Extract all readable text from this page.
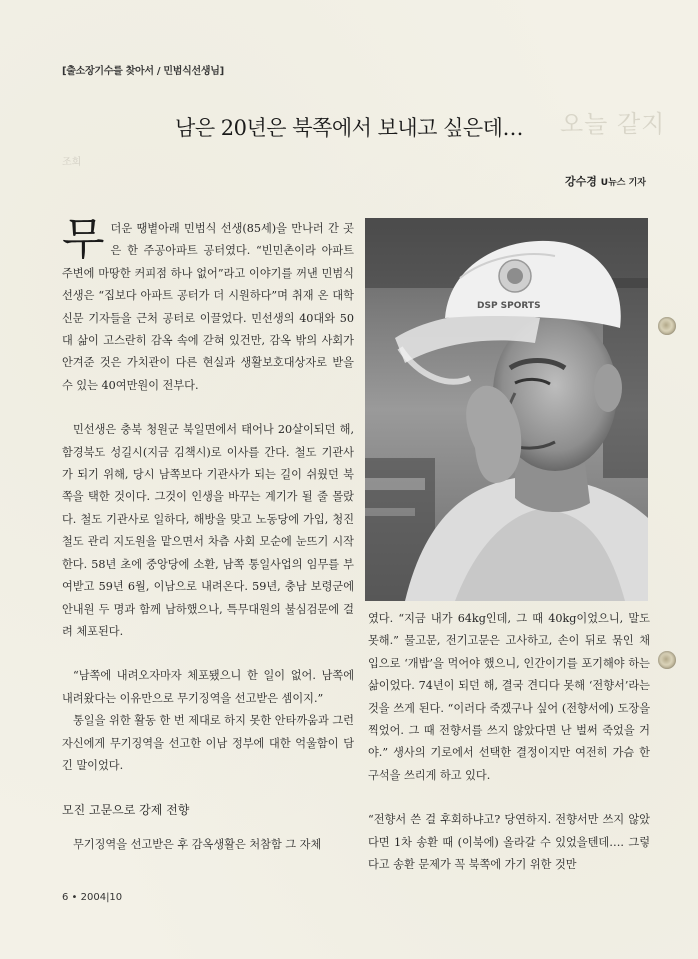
[출소장기수를 찾아서 / 민범식선생님]
오늘 같지
조희
남은 20년은 북쪽에서 보내고 싶은데…
강수경 U뉴스 기자

무더운 땡볕아래 민범식 선생(85세)을 만나러 간 곳은 한 주공아파트 공터였다. “빈민촌이라 아파트 주변에 마땅한 커피점 하나 없어”라고 이야기를 꺼낸 민범식 선생은 “집보다 아파트 공터가 더 시원하다”며 취재 온 대학신문 기자들을 근처 공터로 이끌었다. 민선생의 40대와 50대 삶이 고스란히 감옥 속에 갇혀 있건만, 감옥 밖의 사회가 안겨준 것은 가치관이 다른 현실과 생활보호대상자로 받을 수 있는 40여만원이 전부다.

민선생은 충북 청원군 북일면에서 태어나 20살이되던 해, 함경북도 성길시(지금 김책시)로 이사를 간다. 철도 기관사가 되기 위해, 당시 남쪽보다 기관사가 되는 길이 쉬웠던 북쪽을 택한 것이다. 그것이 인생을 바꾸는 계기가 될 줄 몰랐다. 철도 기관사로 일하다, 해방을 맞고 노동당에 가입, 청진철도 관리 지도원을 맡으면서 차츰 사회 모순에 눈뜨기 시작한다. 58년 초에 중앙당에 소환, 남쪽 통일사업의 임무를 부여받고 59년 6월, 이남으로 내려온다. 59년, 충남 보령군에 안내원 두 명과 함께 남하했으나, 특무대원의 불심검문에 걸려 체포된다.

“남쪽에 내려오자마자 체포됐으니 한 일이 없어. 남쪽에 내려왔다는 이유만으로 무기징역을 선고받은 셈이지.”

통일을 위한 활동 한 번 제대로 하지 못한 안타까움과 그런 자신에게 무기징역을 선고한 이남 정부에 대한 억울함이 담긴 말이었다.

모진 고문으로 강제 전향

무기징역을 선고받은 후 감옥생활은 처참함 그 자체

DSP SPORTS

였다. “지금 내가 64kg인데, 그 때 40kg이었으니, 말도 못해.” 물고문, 전기고문은 고사하고, 손이 뒤로 묶인 채 입으로 ‘개밥’을 먹어야 했으니, 인간이기를 포기해야 하는 삶이었다. 74년이 되던 해, 결국 견디다 못해 ‘전향서’라는 것을 쓰게 된다. “이러다 죽겠구나 싶어 (전향서에) 도장을 찍었어. 그 때 전향서를 쓰지 않았다면 난 벌써 죽었을 거야.” 생사의 기로에서 선택한 결정이지만 여전히 가슴 한 구석을 쓰리게 하고 있다.

“전향서 쓴 걸 후회하냐고? 당연하지. 전향서만 쓰지 않았다면 1차 송환 때 (이북에) 올라갈 수 있었을텐데…. 그렇다고 송환 문제가 꼭 북쪽에 가기 위한 것만

6 • 2004|10
